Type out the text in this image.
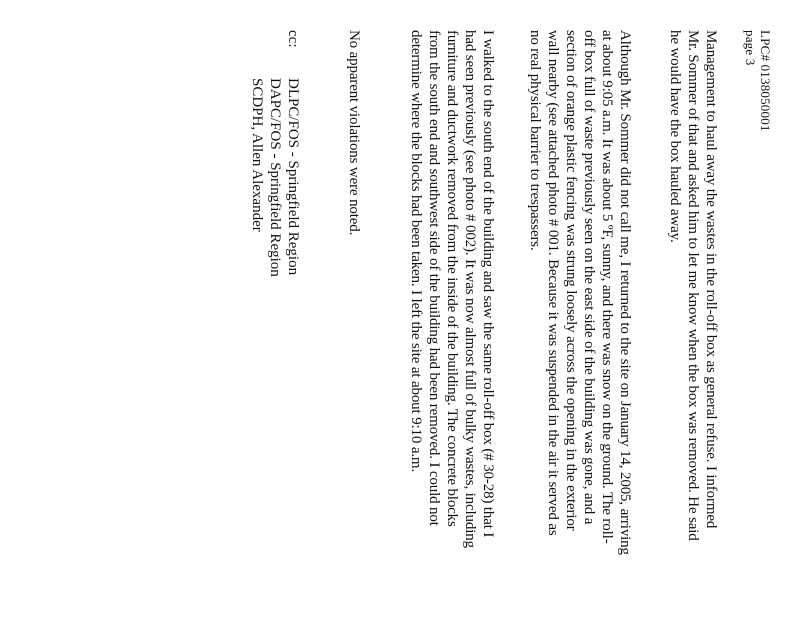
LPC# 0138050001
page 3
Management to haul away the wastes in the roll-off box as general refuse. I informed
Mr. Sommer of that and asked him to let me know when the box was removed. He said
he would have the box hauled away.
Although Mr. Sommer did not call me, I returned to the site on January 14, 2005, arriving
at about 9:05 a.m. It was about 5 ºF, sunny, and there was snow on the ground. The roll-
off box full of waste previously seen on the east side of the building was gone, and a
section of orange plastic fencing was strung loosely across the opening in the exterior
wall nearby (see attached photo # 001. Because it was suspended in the air it served as
no real physical barrier to trespassers.
I walked to the south end of the building and saw the same roll-off box (# 30-28) that I
had seen previously (see photo # 002). It was now almost full of bulky wastes, including
furniture and ductwork removed from the inside of the building. The concrete blocks
from the south end and southwest side of the building had been removed. I could not
determine where the blocks had been taken. I left the site at about 9:10 a.m.
No apparent violations were noted.
cc:
DLPC/FOS - Springfield Region
DAPC/FOS - Springfield Region
SCDPH, Allen Alexander
